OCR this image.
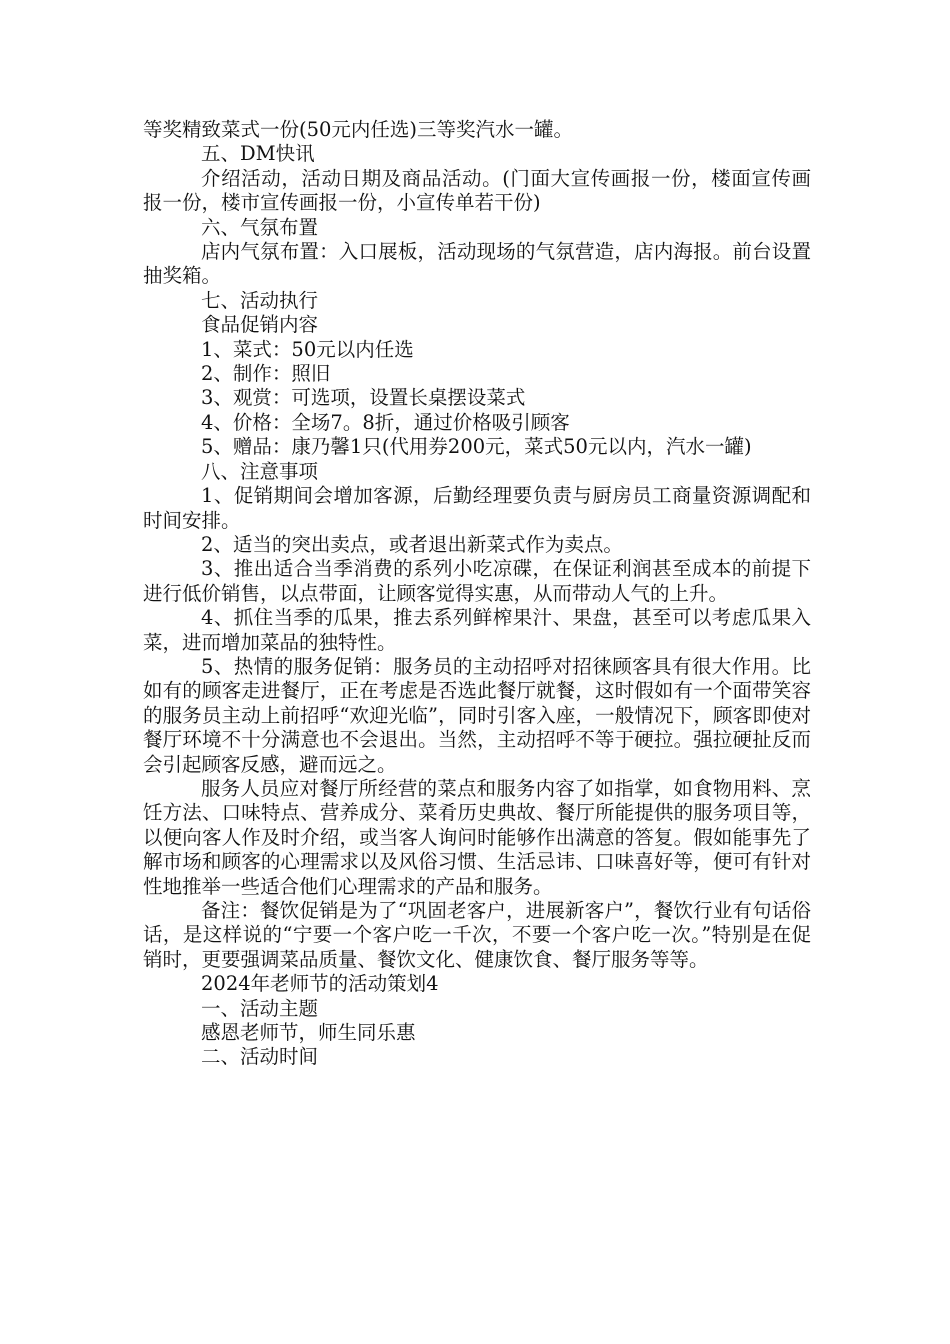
等奖精致菜式一份(50元内任选)三等奖汽水一罐。

五、DM快讯

介绍活动，活动日期及商品活动。(门面大宣传画报一份，楼面宣传画报一份，楼市宣传画报一份，小宣传单若干份)

六、气氛布置

店内气氛布置：入口展板，活动现场的气氛营造，店内海报。前台设置抽奖箱。

七、活动执行

食品促销内容

1、菜式：50元以内任选

2、制作：照旧

3、观赏：可选项，设置长桌摆设菜式

4、价格：全场7。8折，通过价格吸引顾客

5、赠品：康乃馨1只(代用券200元，菜式50元以内，汽水一罐)

八、注意事项

1、促销期间会增加客源，后勤经理要负责与厨房员工商量资源调配和时间安排。

2、适当的突出卖点，或者退出新菜式作为卖点。

3、推出适合当季消费的系列小吃凉碟，在保证利润甚至成本的前提下进行低价销售，以点带面，让顾客觉得实惠，从而带动人气的上升。

4、抓住当季的瓜果，推去系列鲜榨果汁、果盘，甚至可以考虑瓜果入菜，进而增加菜品的独特性。

5、热情的服务促销：服务员的主动招呼对招徕顾客具有很大作用。比如有的顾客走进餐厅，正在考虑是否选此餐厅就餐，这时假如有一个面带笑容的服务员主动上前招呼“欢迎光临”，同时引客入座，一般情况下，顾客即使对餐厅环境不十分满意也不会退出。当然，主动招呼不等于硬拉。强拉硬扯反而会引起顾客反感，避而远之。

服务人员应对餐厅所经营的菜点和服务内容了如指掌，如食物用料、烹饪方法、口味特点、营养成分、菜肴历史典故、餐厅所能提供的服务项目等，以便向客人作及时介绍，或当客人询问时能够作出满意的答复。假如能事先了解市场和顾客的心理需求以及风俗习惯、生活忌讳、口味喜好等，便可有针对性地推举一些适合他们心理需求的产品和服务。

备注：餐饮促销是为了“巩固老客户，进展新客户”，餐饮行业有句话俗话，是这样说的“宁要一个客户吃一千次，不要一个客户吃一次。”特别是在促销时，更要强调菜品质量、餐饮文化、健康饮食、餐厅服务等等。

2024年老师节的活动策划4

一、活动主题

感恩老师节，师生同乐惠

二、活动时间
